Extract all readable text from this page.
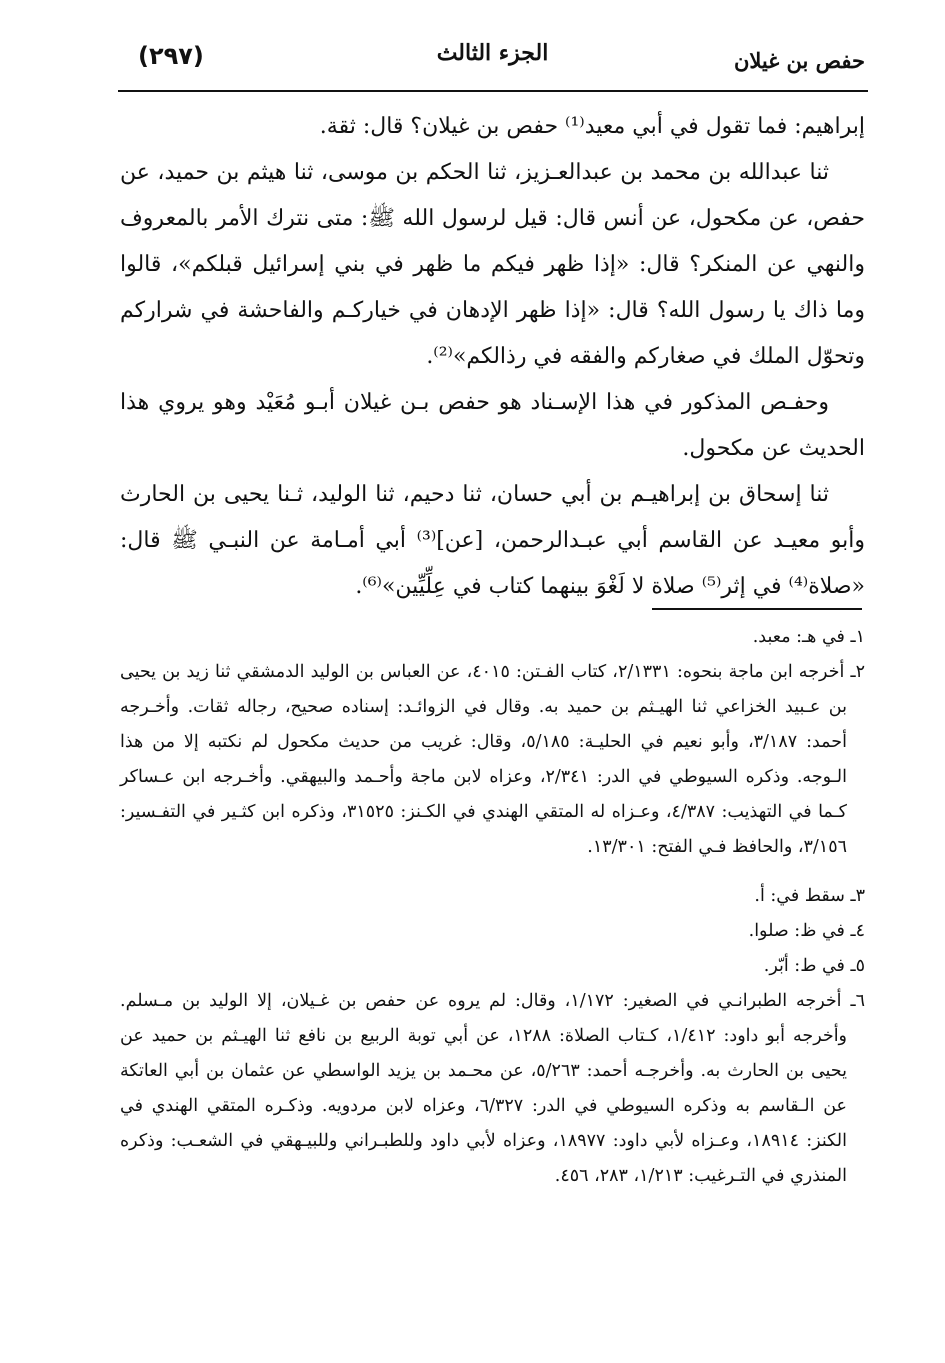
(٢٩٧)	الجزء الثالث	حفص بن غيلان

إبراهيم: فما تقول في أبي معيد⁽¹⁾ حفص بن غيلان؟ قال: ثقة.

ثنا عبدالله بن محمد بن عبدالعـزيز، ثنا الحكم بن موسى، ثنا هيثم بن حميد، عن حفص، عن مكحول، عن أنس قال: قيل لرسول الله ﷺ: متى نترك الأمر بالمعروف والنهي عن المنكر؟ قال: «إذا ظهر فيكم ما ظهر في بني إسرائيل قبلكم»، قالوا وما ذاك يا رسول الله؟ قال: «إذا ظهر الإدهان في خياركـم والفاحشة في شراركم وتحوّل الملك في صغاركم والفقه في رذالكم»⁽²⁾.

وحفـص المذكور في هذا الإسـناد هو حفص بـن غيلان أبـو مُعَيْد وهو يروي هذا الحديث عن مكحول.

ثنا إسحاق بن إبراهيـم بن أبي حسان، ثنا دحيم، ثنا الوليد، ثـنا يحيى بن الحارث وأبو معيـد عن القاسم أبي عبـدالرحمن، [عن]⁽³⁾ أبي أمـامة عن النبـي ﷺ قال: «صلاة⁽⁴⁾ في إثر⁽⁵⁾ صلاة لا لَغْوَ بينهما كتاب في عِلِّيِّين»⁽⁶⁾.

١ـ في هـ: معبد.

٢ـ أخرجه ابن ماجة بنحوه: ٢/١٣٣١، كتاب الفـتن: ٤٠١٥، عن العباس بن الوليد الدمشقي ثنا زيد بن يحيى بن عـبيد الخزاعي ثنا الهيـثم بن حميد به. وقال في الزوائـد: إسناده صحيح، رجاله ثقات. وأخـرجه أحمد: ٣/١٨٧، وأبو نعيم في الحليـة: ٥/١٨٥، وقال: غريب من حديث مكحول لم نكتبه إلا من هذا الـوجه. وذكره السيوطي في الدر: ٢/٣٤١، وعزاه لابن ماجة وأحـمد والبيهقي. وأخـرجه ابن عـساكر كـما في التهذيب: ٤/٣٨٧، وعـزاه له المتقي الهندي في الكـنز: ٣١٥٢٥، وذكره ابن كثـير في التفـسير: ٣/١٥٦، والحافظ فـي الفتح: ١٣/٣٠١.

٣ـ سقط في: أ.

٤ـ في ظ: صلوا.

٥ـ في ط: أبّر.

٦ـ أخرجه الطبرانـي في الصغير: ١/١٧٢، وقال: لم يروه عن حفص بن غـيلان، إلا الوليد بن مـسلم. وأخرجه أبو داود: ١/٤١٢، كـتاب الصلاة: ١٢٨٨، عن أبي توبة الربيع بن نافع ثنا الهيـثم بن حميد عن يحيى بن الحارث به. وأخرجـه أحمد: ٥/٢٦٣، عن محـمد بن يزيد الواسطي عن عثمان بن أبي العاتكة عن الـقاسم به وذكره السيوطي في الدر: ٦/٣٢٧، وعزاه لابن مردويه. وذكـره المتقي الهندي في الكنز: ١٨٩١٤، وعـزاه لأبي داود: ١٨٩٧٧، وعزاه لأبي داود وللطبـراني وللبيـهقي في الشعـب: وذكره المنذري في التـرغيب: ١/٢١٣، ٢٨٣، ٤٥٦.
